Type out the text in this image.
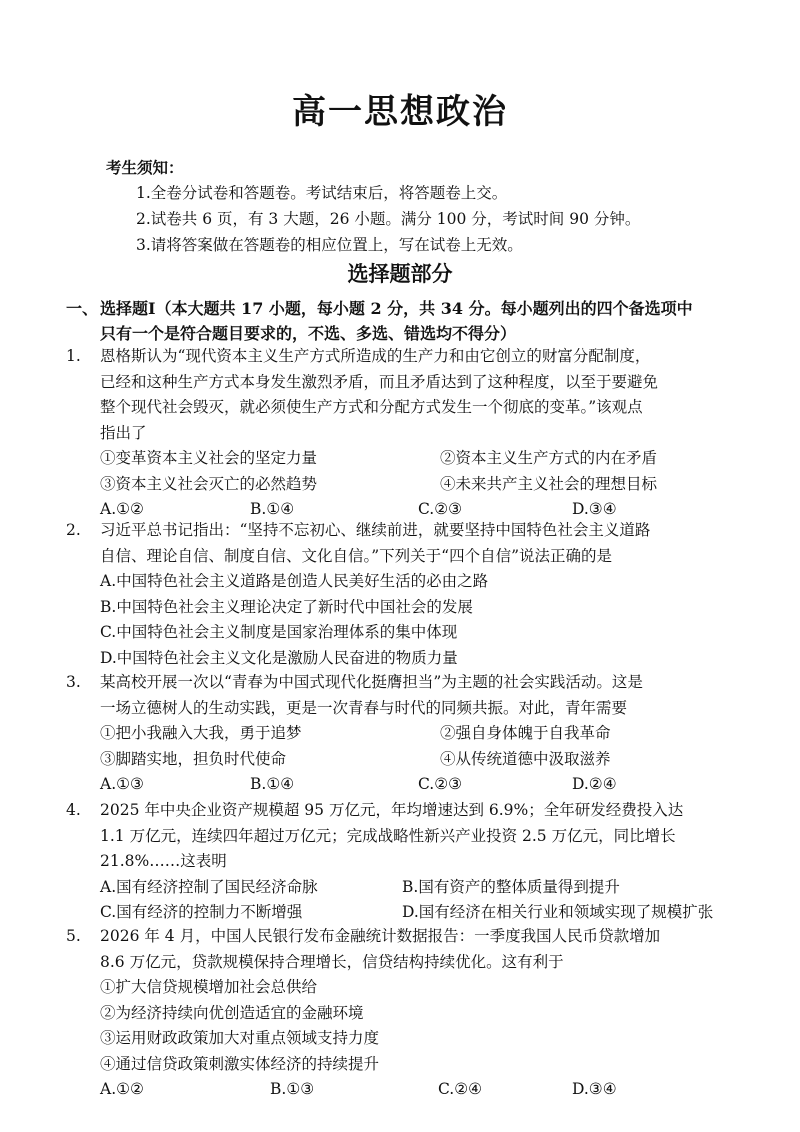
高一思想政治
考生须知：
1.全卷分试卷和答题卷。考试结束后，将答题卷上交。
2.试卷共 6 页，有 3 大题，26 小题。满分 100 分，考试时间 90 分钟。
3.请将答案做在答题卷的相应位置上，写在试卷上无效。
选择题部分
一、 选择题Ⅰ（本大题共 17 小题，每小题 2 分，共 34 分。每小题列出的四个备选项中
只有一个是符合题目要求的，不选、多选、错选均不得分）
1. 恩格斯认为“现代资本主义生产方式所造成的生产力和由它创立的财富分配制度，
已经和这种生产方式本身发生激烈矛盾，而且矛盾达到了这种程度，以至于要避免
整个现代社会毁灭，就必须使生产方式和分配方式发生一个彻底的变革。”该观点
指出了
①变革资本主义社会的坚定力量	②资本主义生产方式的内在矛盾
③资本主义社会灭亡的必然趋势	④未来共产主义社会的理想目标
A.①②	B.①④	C.②③	D.③④
2. 习近平总书记指出：“坚持不忘初心、继续前进，就要坚持中国特色社会主义道路
自信、理论自信、制度自信、文化自信。”下列关于“四个自信”说法正确的是
A.中国特色社会主义道路是创造人民美好生活的必由之路
B.中国特色社会主义理论决定了新时代中国社会的发展
C.中国特色社会主义制度是国家治理体系的集中体现
D.中国特色社会主义文化是激励人民奋进的物质力量
3. 某高校开展一次以“青春为中国式现代化挺膺担当”为主题的社会实践活动。这是
一场立德树人的生动实践，更是一次青春与时代的同频共振。对此，青年需要
①把小我融入大我，勇于追梦	②强自身体魄于自我革命
③脚踏实地，担负时代使命	④从传统道德中汲取滋养
A.①③	B.①④	C.②③	D.②④
4. 2025 年中央企业资产规模超 95 万亿元，年均增速达到 6.9%；全年研发经费投入达
1.1 万亿元，连续四年超过万亿元；完成战略性新兴产业投资 2.5 万亿元，同比增长
21.8%……这表明
A.国有经济控制了国民经济命脉	B.国有资产的整体质量得到提升
C.国有经济的控制力不断增强	D.国有经济在相关行业和领域实现了规模扩张
5. 2026 年 4 月，中国人民银行发布金融统计数据报告：一季度我国人民币贷款增加
8.6 万亿元，贷款规模保持合理增长，信贷结构持续优化。这有利于
①扩大信贷规模增加社会总供给
②为经济持续向优创造适宜的金融环境
③运用财政政策加大对重点领域支持力度
④通过信贷政策刺激实体经济的持续提升
A.①②	B.①③	C.②④	D.③④
